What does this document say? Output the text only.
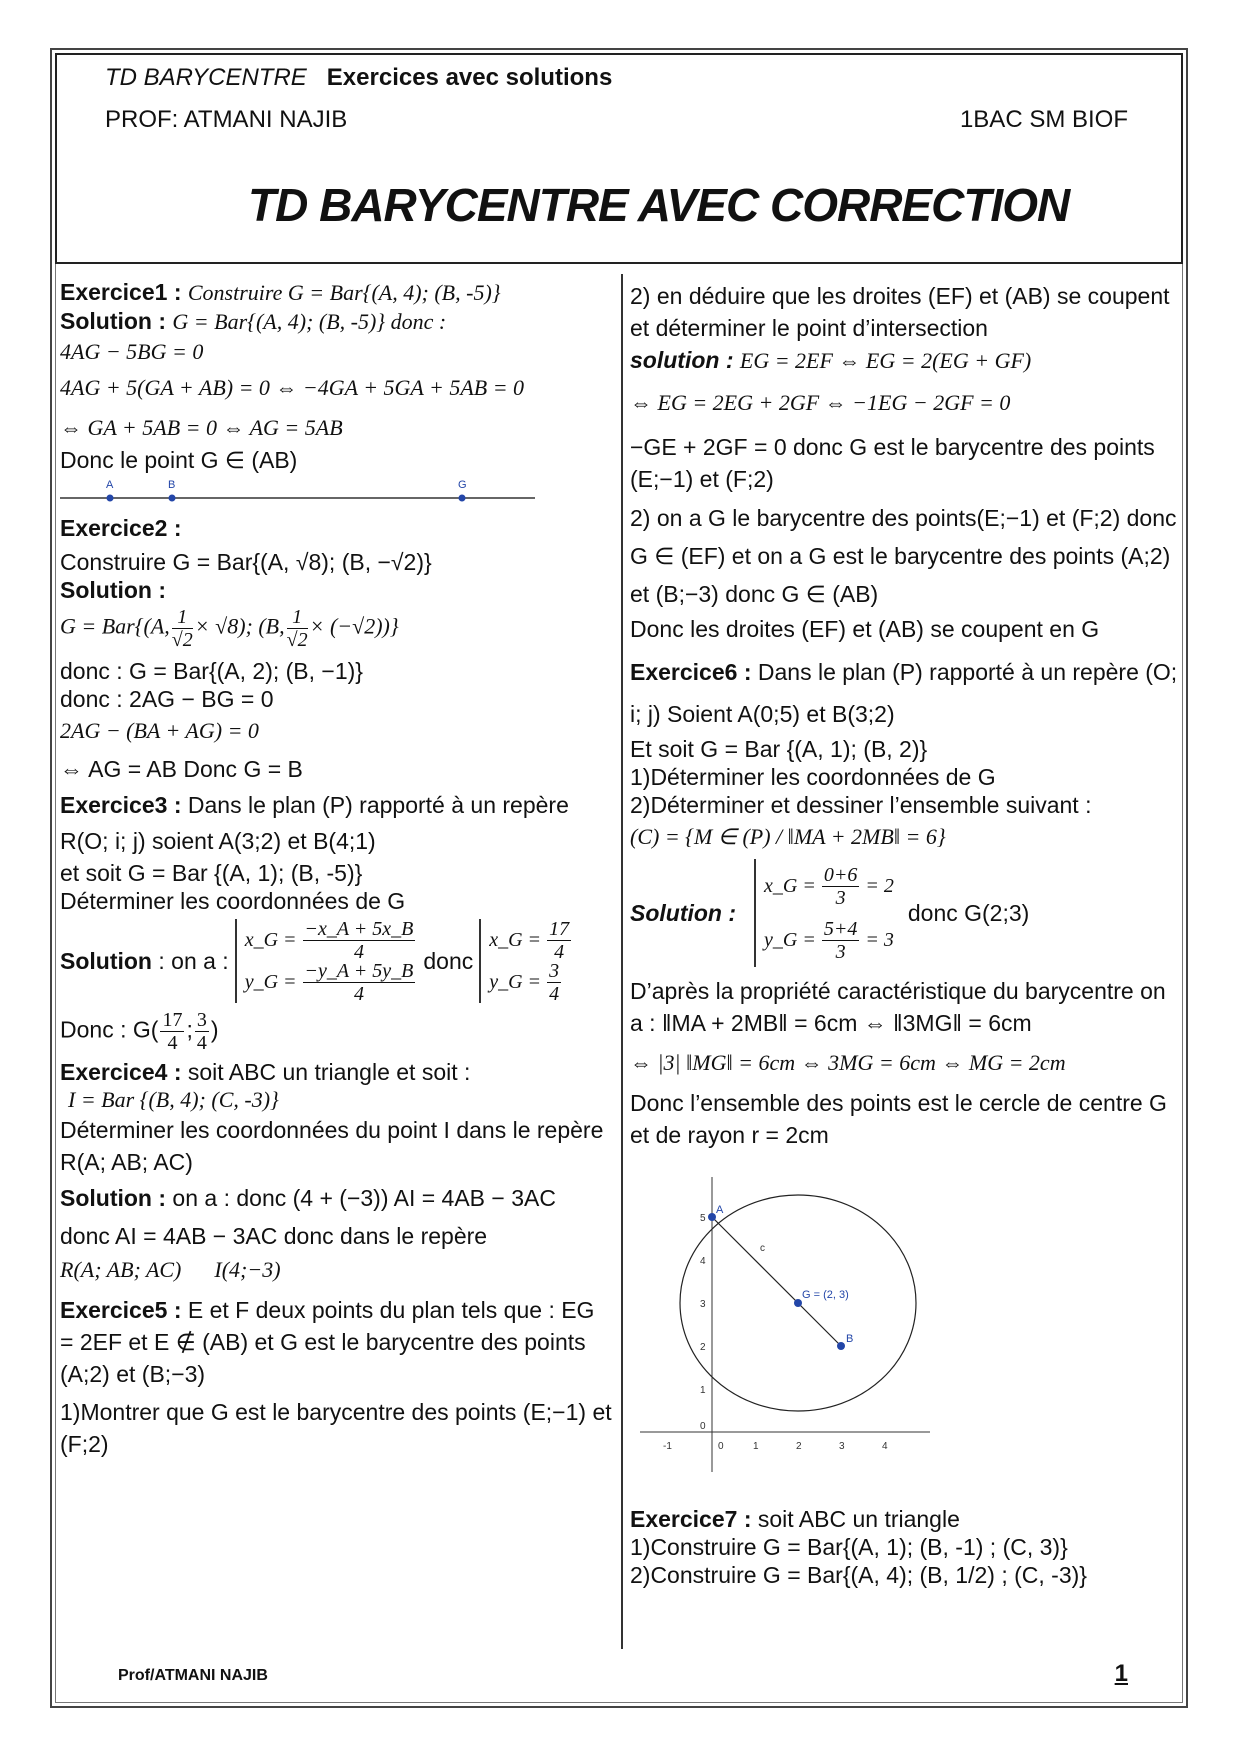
TD BARYCENTRE Exercices avec solutions
PROF: ATMANI NAJIB	1BAC SM BIOF
TD BARYCENTRE AVEC CORRECTION

Exercice1 : Construire G = Bar{(A, 4); (B, -5)}

Solution : G = Bar{(A, 4); (B, -5)} donc :

4AG − 5BG = 0

4AG + 5(GA + AB) = 0 ⇔ −4GA + 5GA + 5AB = 0

⇔ GA + 5AB = 0 ⇔ AG = 5AB

Donc le point G ∈ (AB)

A	B	G

Exercice2 :

Construire G = Bar{(A, √8); (B, −√2)}

Solution :

G = Bar{(A, $\frac{1}{√2} \times √8$); (B, $\frac{1}{√2} \times (-√2)$)}

donc : G = Bar{(A, 2); (B, −1)}

donc : 2AG − BG = 0

2AG − (BA + AG) = 0

⇔ AG = AB Donc G = B

Exercice3 : Dans le plan (P) rapporté à un repère R(O; i; j) soient A(3;2) et B(4;1)

et soit G = Bar {(A, 1); (B, -5)}

Déterminer les coordonnées de G

Solution
: on a :
x_G = $\frac{-x\_A + 5x\_B}{4}$
y_G = $\frac{-y\_A + 5y\_B}{4}$ donc
x_G = $\frac{17}{4}$
y_G = $\frac{3}{4}$

Donc : $G( \frac{17}{4}$ ; $\frac{3}{4}$ )

Exercice4 : soit ABC un triangle et soit :

I = Bar {(B, 4); (C, -3)}

Déterminer les coordonnées du point I dans le repère R(A; AB; AC)

Solution : on a : donc (4 + (−3)) AI = 4AB − 3AC

donc AI = 4AB − 3AC donc dans le repère

R(A; AB; AC)      I(4;−3)

Exercice5 : E et F deux points du plan tels que : EG = 2EF et E ∉ (AB) et G est le barycentre des points (A;2) et (B;−3)

1)Montrer que G est le barycentre des points (E;−1) et (F;2)

2) en déduire que les droites (EF) et (AB) se coupent et déterminer le point d’intersection

solution : EG = 2EF ⇔ EG = 2(EG + GF)

⇔ EG = 2EG + 2GF ⇔ −1EG − 2GF = 0

−GE + 2GF = 0 donc G est le barycentre des points (E;−1) et (F;2)

2) on a G le barycentre des points(E;−1) et (F;2) donc G ∈ (EF) et on a G est le barycentre des points (A;2) et (B;−3) donc G ∈ (AB)

Donc les droites (EF) et (AB) se coupent en G

Exercice6 : Dans le plan (P) rapporté à un repère (O; i; j) Soient A(0;5) et B(3;2)

Et soit G = Bar {(A, 1); (B, 2)}

1)Déterminer les coordonnées de G

2)Déterminer et dessiner l’ensemble suivant :

(C) = {M ∈ (P) / ‖MA + 2MB‖ = 6}

Solution :
x_G = $\frac{0+6}{3} = 2$
y_G = $\frac{5+4}{3} = 3$
donc G(2;3)

D’après la propriété caractéristique du barycentre on a : ‖MA + 2MB‖ = 6cm ⇔ ‖3MG‖ = 6cm

⇔ |3| ‖MG‖ = 6cm ⇔ 3MG = 6cm ⇔ MG = 2cm

Donc l’ensemble des points est le cercle de centre G et de rayon r = 2cm

-1	0	1	2	3	4
0
1
2
3
4
5
A
B
G = (2, 3)
c

Exercice7 : soit ABC un triangle

1)Construire G = Bar{(A, 1); (B, -1) ; (C, 3)}

2)Construire G = Bar{(A, 4); (B, 1/2) ; (C, -3)}

Prof/ATMANI NAJIB	1
